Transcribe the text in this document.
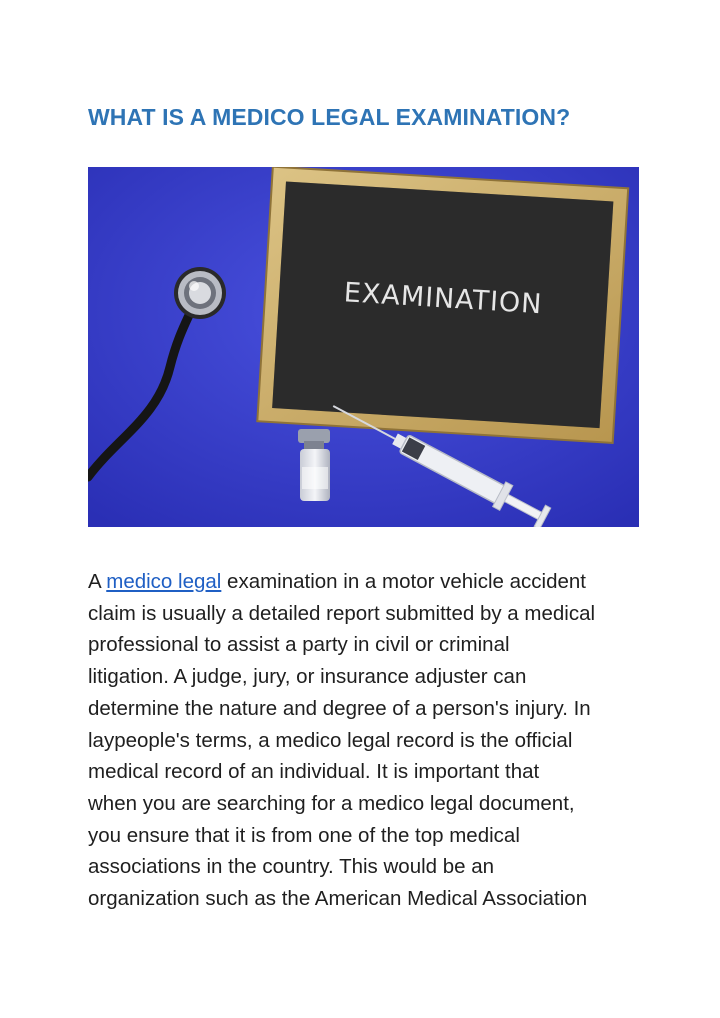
WHAT IS A MEDICO LEGAL EXAMINATION?
EXAMINATION
A medico legal examination in a motor vehicle accident
claim is usually a detailed report submitted by a medical
professional to assist a party in civil or criminal
litigation. A judge, jury, or insurance adjuster can
determine the nature and degree of a person's injury. In
laypeople's terms, a medico legal record is the official
medical record of an individual. It is important that
when you are searching for a medico legal document,
you ensure that it is from one of the top medical
associations in the country. This would be an
organization such as the American Medical Association
